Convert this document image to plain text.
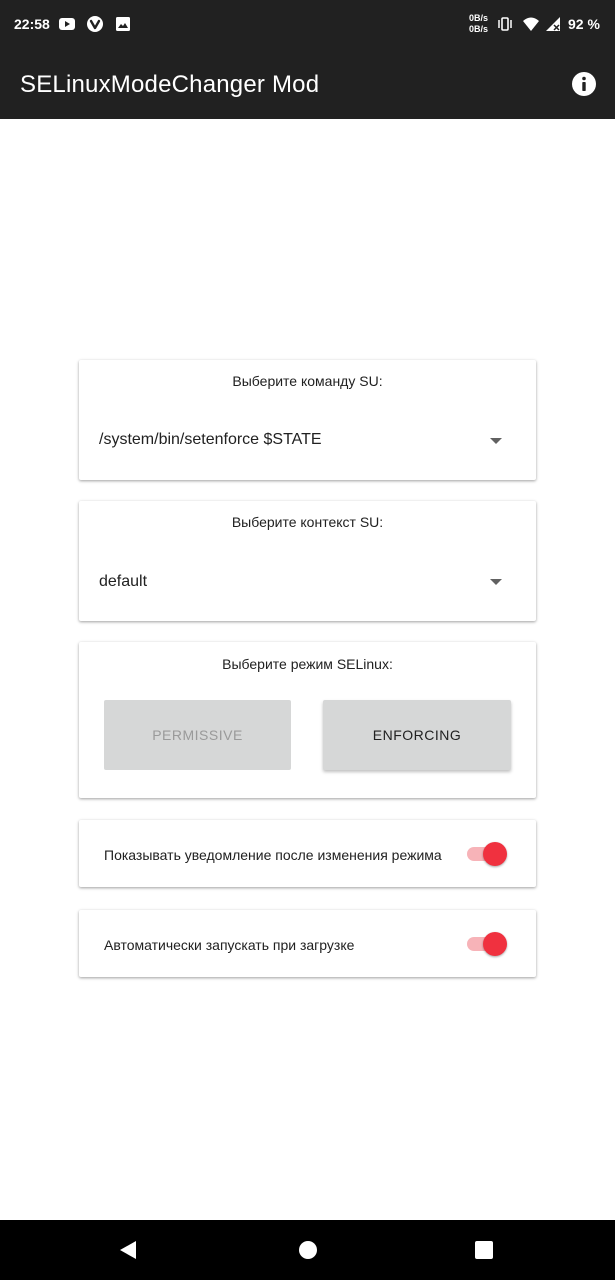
22:58	0B/s
0B/s	92 %
SELinuxModeChanger Mod
Выберите команду SU:
/system/bin/setenforce $STATE
Выберите контекст SU:
default
Выберите режим SELinux:
PERMISSIVE	ENFORCING
Показывать уведомление после изменения режима
Автоматически запускать при загрузке
